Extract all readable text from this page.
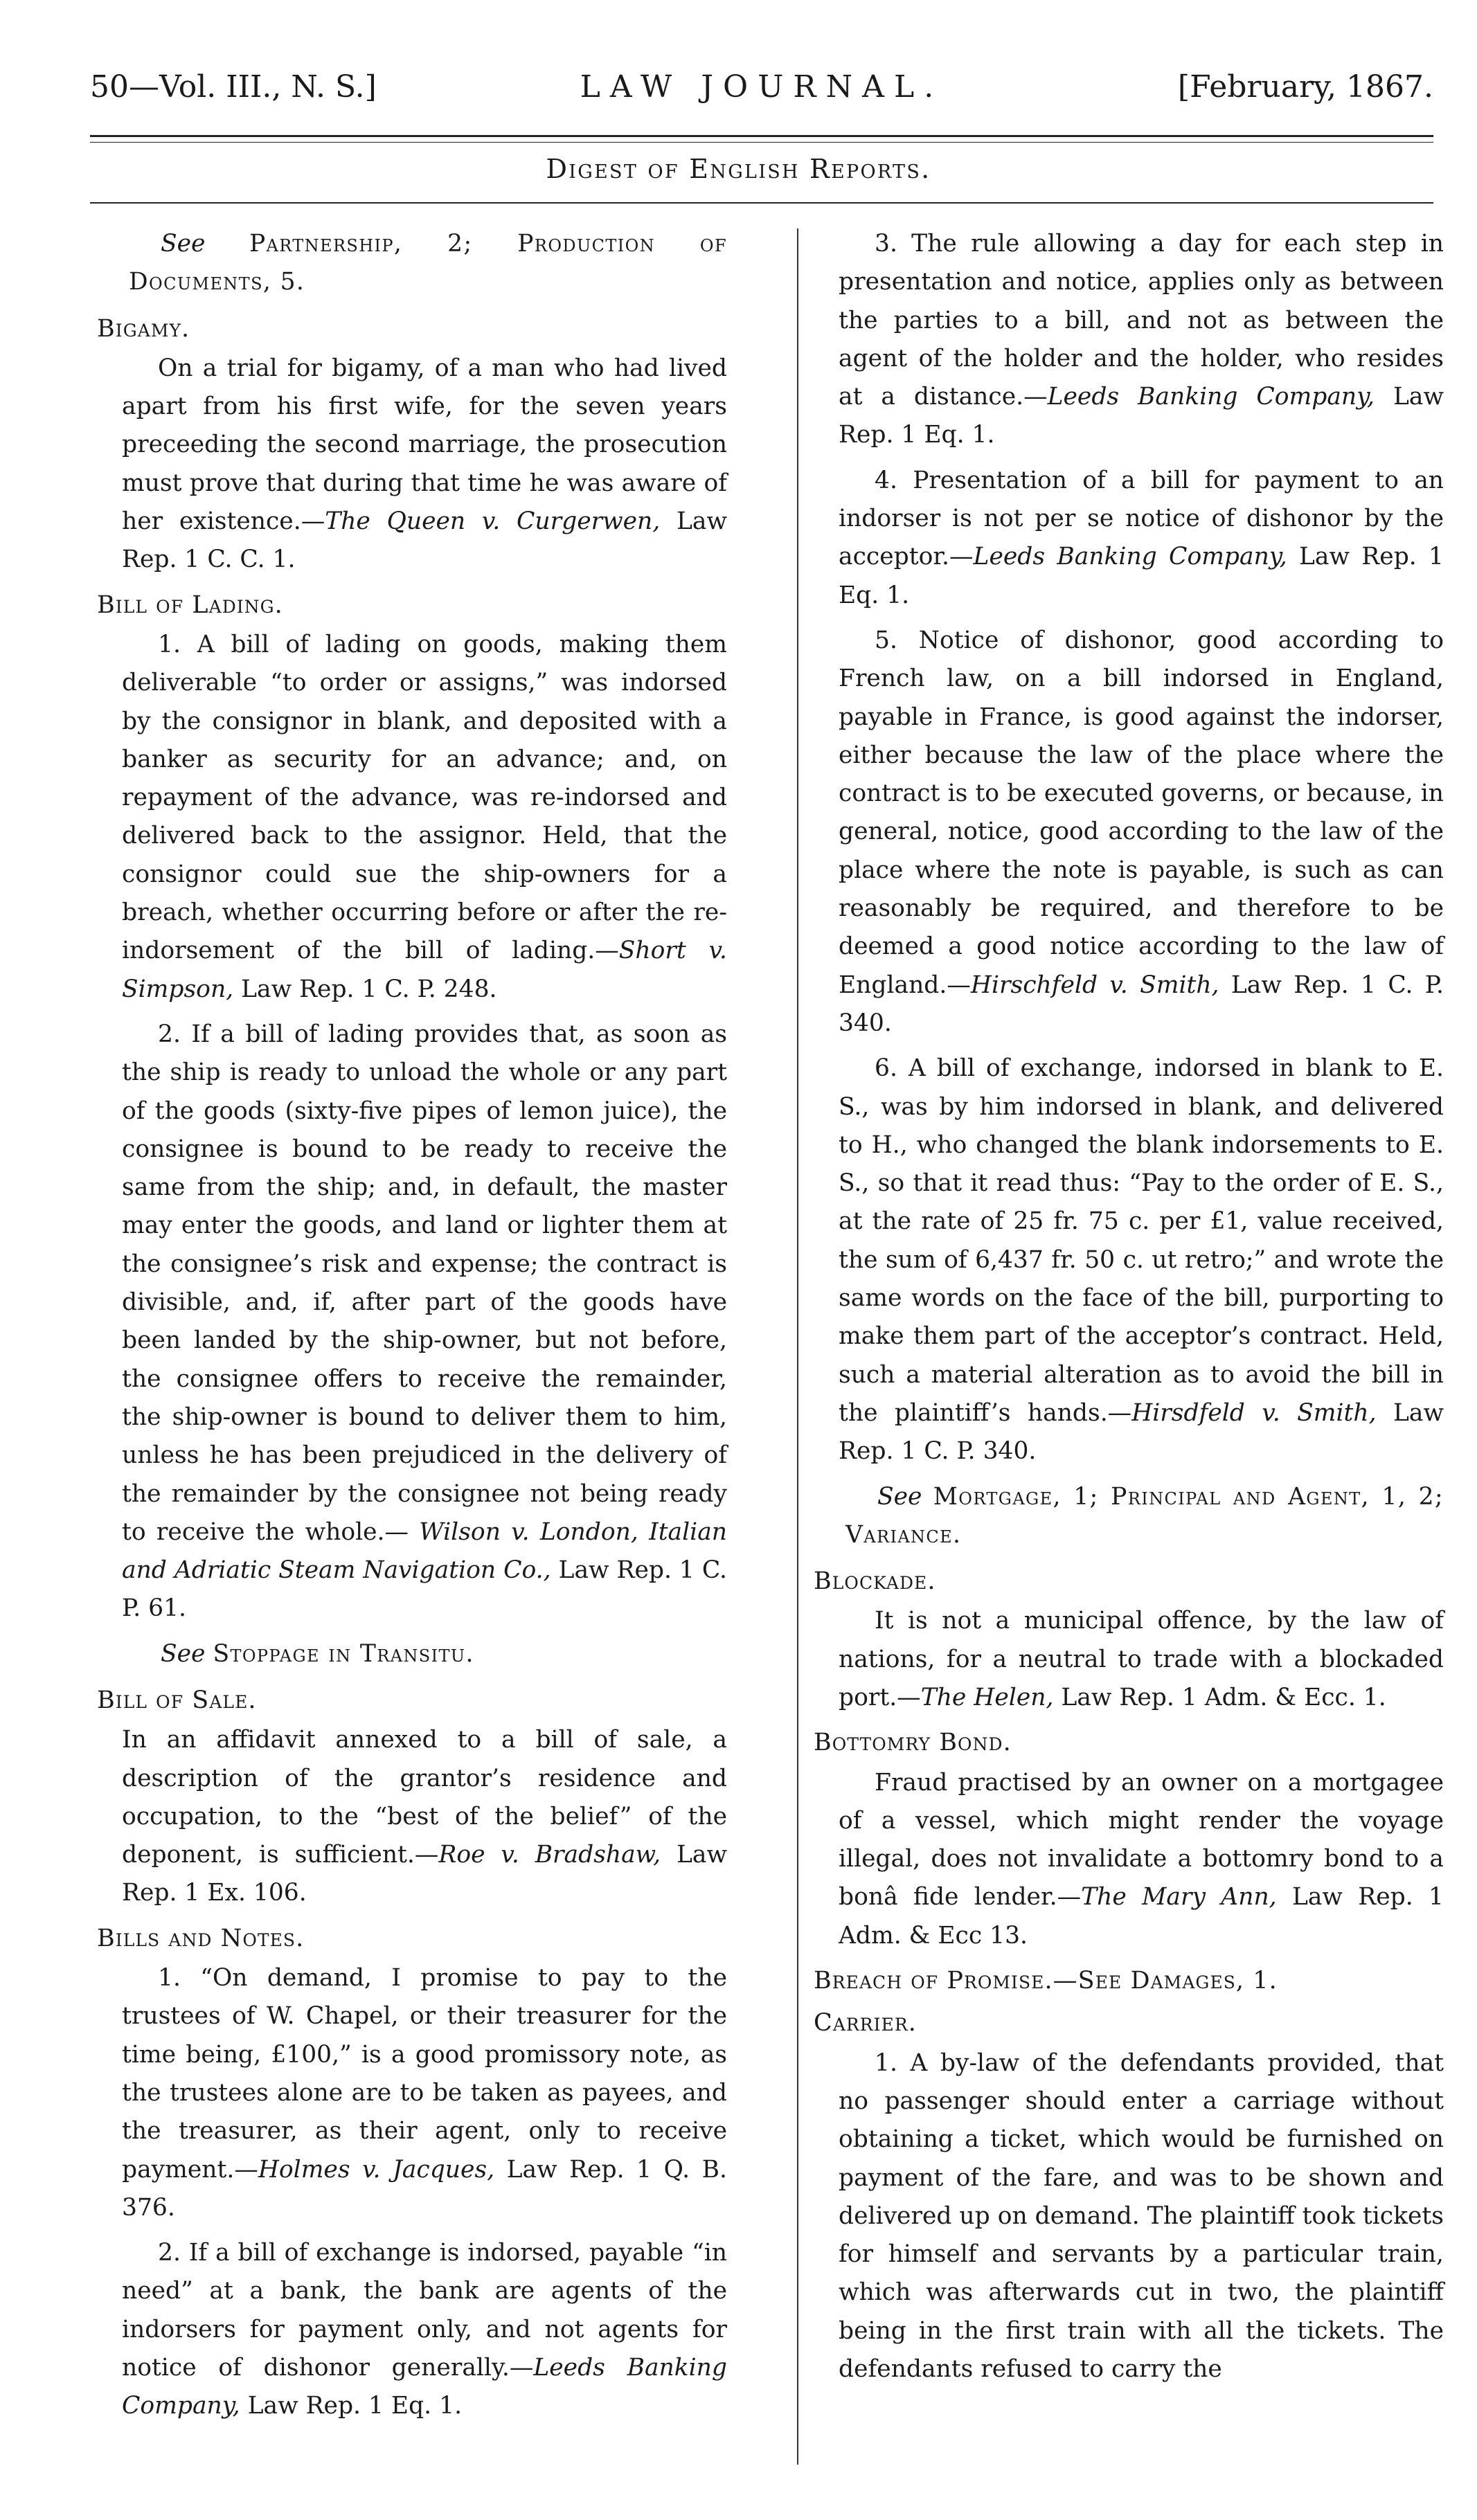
50—Vol. III., N. S.]	LAW JOURNAL.	[February, 1867.
Digest of English Reports.
See Partnership, 2; Production of Documents, 5.
Bigamy.
On a trial for bigamy, of a man who had lived apart from his first wife, for the seven years preceeding the second marriage, the prosecution must prove that during that time he was aware of her existence.—The Queen v. Curgerwen, Law Rep. 1 C. C. 1.
Bill of Lading.
1. A bill of lading on goods, making them deliverable “to order or assigns,” was indorsed by the consignor in blank, and deposited with a banker as security for an advance; and, on repayment of the advance, was re-indorsed and delivered back to the assignor. Held, that the consignor could sue the ship-owners for a breach, whether occurring before or after the re-indorsement of the bill of lading.—Short v. Simpson, Law Rep. 1 C. P. 248.
2. If a bill of lading provides that, as soon as the ship is ready to unload the whole or any part of the goods (sixty-five pipes of lemon juice), the consignee is bound to be ready to receive the same from the ship; and, in default, the master may enter the goods, and land or lighter them at the consignee’s risk and expense; the contract is divisible, and, if, after part of the goods have been landed by the ship-owner, but not before, the consignee offers to receive the remainder, the ship-owner is bound to deliver them to him, unless he has been prejudiced in the delivery of the remainder by the consignee not being ready to receive the whole.— Wilson v. London, Italian and Adriatic Steam Navigation Co., Law Rep. 1 C. P. 61.
See Stoppage in Transitu.
Bill of Sale.
In an affidavit annexed to a bill of sale, a description of the grantor’s residence and occupation, to the “best of the belief” of the deponent, is sufficient.—Roe v. Bradshaw, Law Rep. 1 Ex. 106.
Bills and Notes.
1. “On demand, I promise to pay to the trustees of W. Chapel, or their treasurer for the time being, £100,” is a good promissory note, as the trustees alone are to be taken as payees, and the treasurer, as their agent, only to receive payment.—Holmes v. Jacques, Law Rep. 1 Q. B. 376.
2. If a bill of exchange is indorsed, payable “in need” at a bank, the bank are agents of the indorsers for payment only, and not agents for notice of dishonor generally.—Leeds Banking Company, Law Rep. 1 Eq. 1.
3. The rule allowing a day for each step in presentation and notice, applies only as between the parties to a bill, and not as between the agent of the holder and the holder, who resides at a distance.—Leeds Banking Company, Law Rep. 1 Eq. 1.
4. Presentation of a bill for payment to an indorser is not per se notice of dishonor by the acceptor.—Leeds Banking Company, Law Rep. 1 Eq. 1.
5. Notice of dishonor, good according to French law, on a bill indorsed in England, payable in France, is good against the indorser, either because the law of the place where the contract is to be executed governs, or because, in general, notice, good according to the law of the place where the note is payable, is such as can reasonably be required, and therefore to be deemed a good notice according to the law of England.—Hirschfeld v. Smith, Law Rep. 1 C. P. 340.
6. A bill of exchange, indorsed in blank to E. S., was by him indorsed in blank, and delivered to H., who changed the blank indorsements to E. S., so that it read thus: “Pay to the order of E. S., at the rate of 25 fr. 75 c. per £1, value received, the sum of 6,437 fr. 50 c. ut retro;” and wrote the same words on the face of the bill, purporting to make them part of the acceptor’s contract. Held, such a material alteration as to avoid the bill in the plaintiff’s hands.—Hirsdfeld v. Smith, Law Rep. 1 C. P. 340.
See Mortgage, 1; Principal and Agent, 1, 2; Variance.
Blockade.
It is not a municipal offence, by the law of nations, for a neutral to trade with a blockaded port.—The Helen, Law Rep. 1 Adm. & Ecc. 1.
Bottomry Bond.
Fraud practised by an owner on a mortgagee of a vessel, which might render the voyage illegal, does not invalidate a bottomry bond to a bonâ fide lender.—The Mary Ann, Law Rep. 1 Adm. & Ecc 13.
Breach of Promise.—See Damages, 1.
Carrier.
1. A by-law of the defendants provided, that no passenger should enter a carriage without obtaining a ticket, which would be furnished on payment of the fare, and was to be shown and delivered up on demand. The plaintiff took tickets for himself and servants by a particular train, which was afterwards cut in two, the plaintiff being in the first train with all the tickets. The defendants refused to carry the
